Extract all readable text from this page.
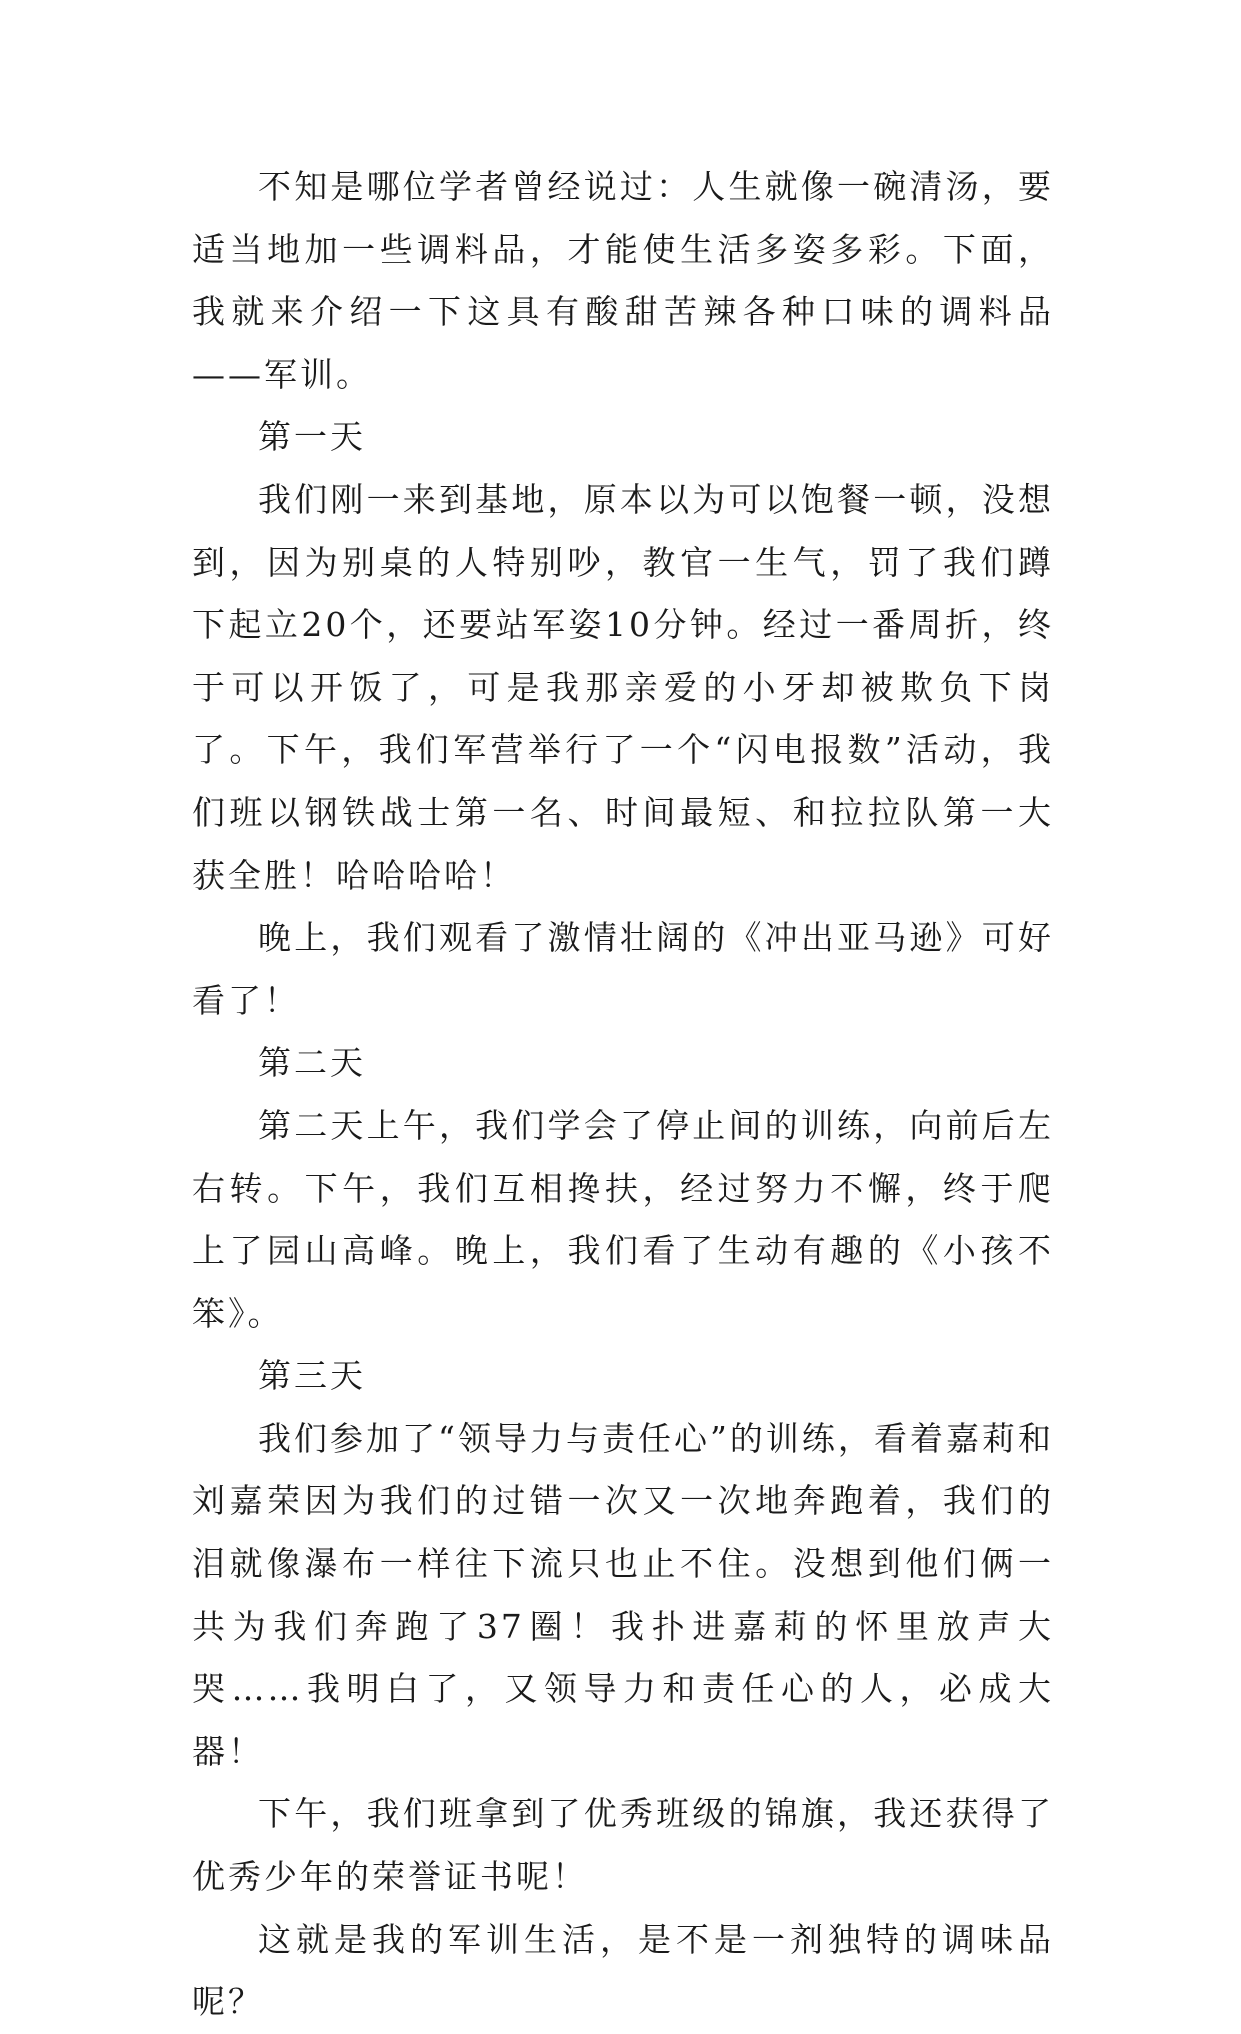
不知是哪位学者曾经说过：人生就像一碗清汤，要适当地加一些调料品，才能使生活多姿多彩。下面，我就来介绍一下这具有酸甜苦辣各种口味的调料品——军训。

第一天

我们刚一来到基地，原本以为可以饱餐一顿，没想到，因为别桌的人特别吵，教官一生气，罚了我们蹲下起立20个，还要站军姿10分钟。经过一番周折，终于可以开饭了，可是我那亲爱的小牙却被欺负下岗了。下午，我们军营举行了一个“闪电报数”活动，我们班以钢铁战士第一名、时间最短、和拉拉队第一大获全胜！哈哈哈哈！

晚上，我们观看了激情壮阔的《冲出亚马逊》可好看了！

第二天

第二天上午，我们学会了停止间的训练，向前后左右转。下午，我们互相搀扶，经过努力不懈，终于爬上了园山高峰。晚上，我们看了生动有趣的《小孩不笨》。

第三天

我们参加了“领导力与责任心”的训练，看着嘉莉和刘嘉荣因为我们的过错一次又一次地奔跑着，我们的泪就像瀑布一样往下流只也止不住。没想到他们俩一共为我们奔跑了37圈！我扑进嘉莉的怀里放声大哭……我明白了，又领导力和责任心的人，必成大器！

下午，我们班拿到了优秀班级的锦旗，我还获得了优秀少年的荣誉证书呢！

这就是我的军训生活，是不是一剂独特的调味品呢？
